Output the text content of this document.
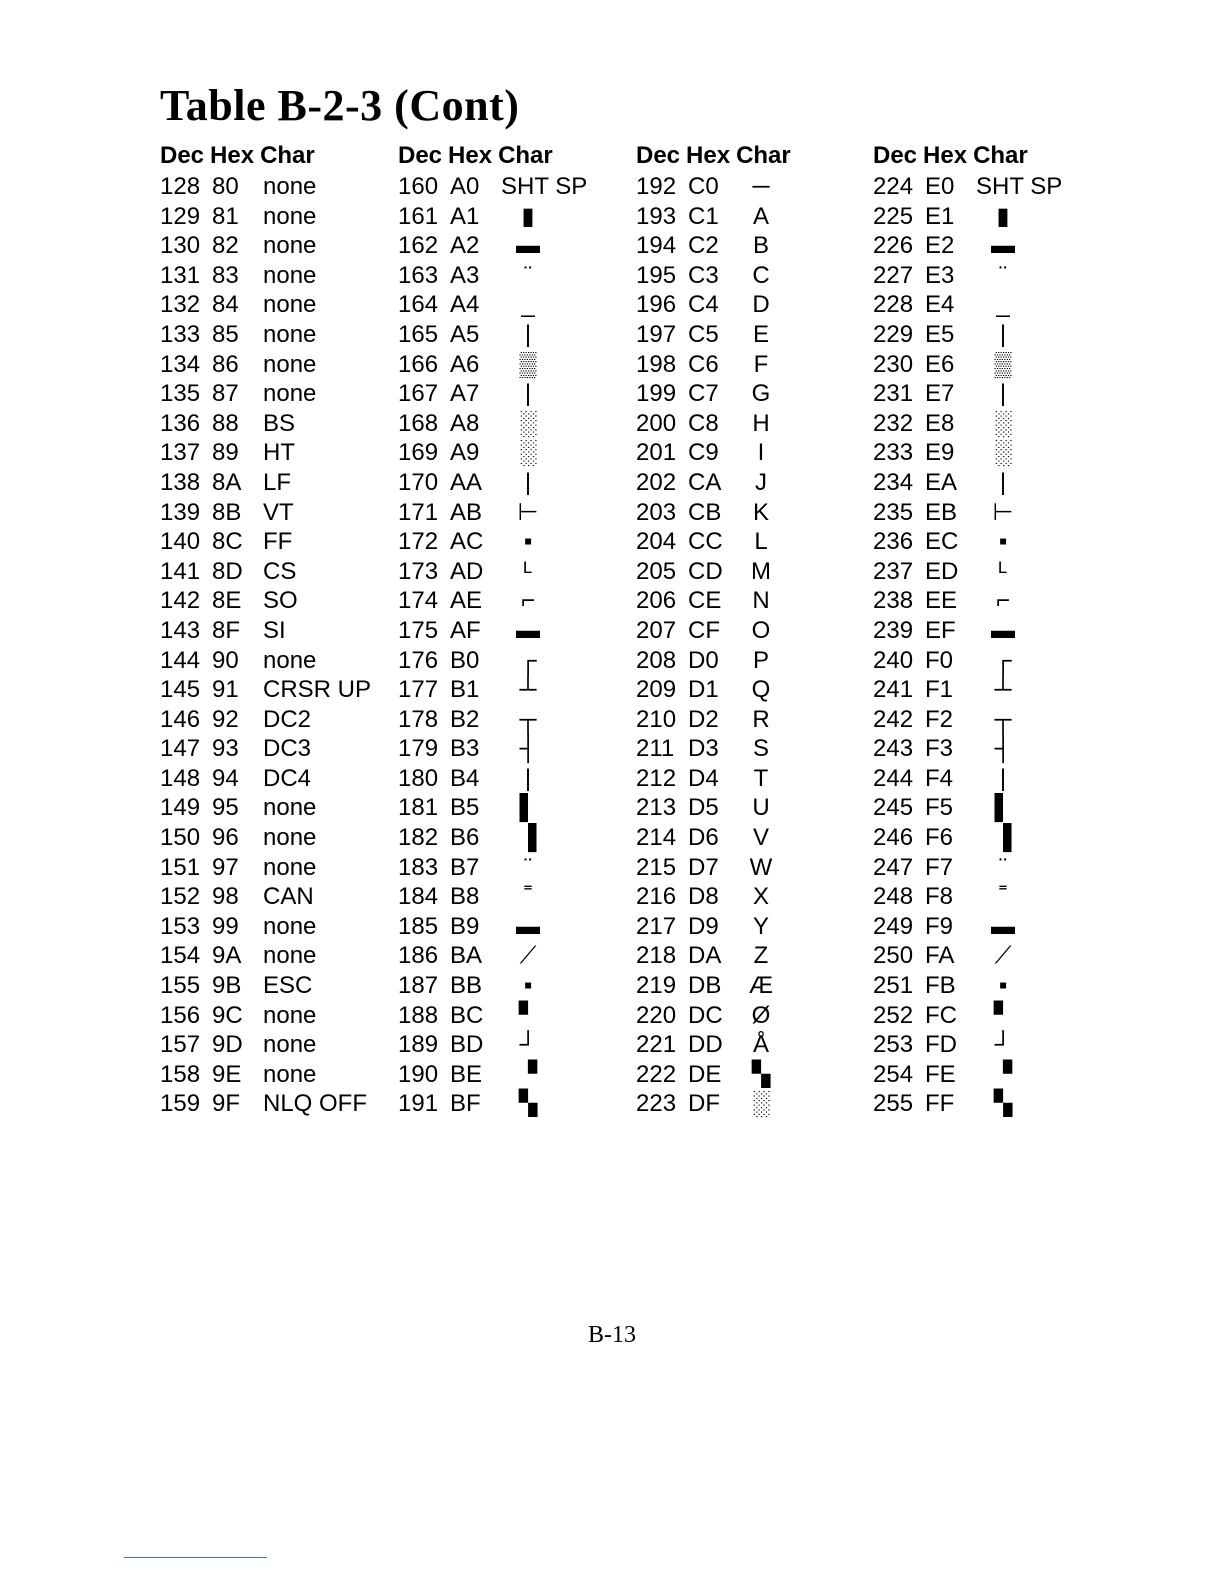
Table B-2-3 (Cont)
Dec Hex Char
128 80 none
129 81 none
130 82 none
131 83 none
132 84 none
133 85 none
134 86 none
135 87 none
136 88 BS
137 89 HT
138 8A LF
139 8B VT
140 8C FF
141 8D CS
142 8E SO
143 8F SI
144 90 none
145 91 CRSR UP
146 92 DC2
147 93 DC3
148 94 DC4
149 95 none
150 96 none
151 97 none
152 98 CAN
153 99 none
154 9A none
155 9B ESC
156 9C none
157 9D none
158 9E none
159 9F NLQ OFF
Dec Hex Char
160 A0 SHT SP
161 A1	▮
162 A2 ▬
163 A3	¨
164 A4	_
165 A5	|
166 A6 ▒
167 A7	|
168 A8 ░
169 A9 ░
170 AA	|
171 AB ⊢
172 AC	▪
173 AD	ᴸ
174 AE	⌐
175 AF ▬
176 B0 ┌
177 B1 ┴
178 B2 ┬
179 B3 ┤
180 B4	|
181 B5 ▌
182 B6 ▐
183 B7	¨
184 B8	˭
185 B9 ▬
186 BA ⟋
187 BB	▪
188 BC ▘
189 BD ┘
190 BE ▝
191 BF ▚
Dec Hex Char
192 C0 ─
193 C1 A
194 C2 B
195 C3 C
196 C4 D
197 C5 E
198 C6	F
199 C7 G
200 C8 H
201 C9	I
202 CA	J
203 CB K
204 CC	L
205 CD M
206 CE N
207 CF O
208 D0 P
209 D1 Q
210 D2 R
211 D3 S
212 D4	T
213 D5 U
214 D6 V
215 D7 W
216 D8 X
217 D9 Y
218 DA	Z
219 DB Æ
220 DC Ø
221 DD Å
222 DE ▚
223 DF ░
Dec Hex Char
224 E0 SHT SP
225 E1	▮
226 E2 ▬
227 E3	¨
228 E4	_
229 E5	|
230 E6 ▒
231 E7	|
232 E8 ░
233 E9 ░
234 EA	|
235 EB ⊢
236 EC	▪
237 ED	ᴸ
238 EE	⌐
239 EF ▬
240 F0 ┌
241 F1 ┴
242 F2 ┬
243 F3 ┤
244 F4	|
245 F5 ▌
246 F6 ▐
247 F7	¨
248 F8	˭
249 F9 ▬
250 FA ⟋
251 FB	▪
252 FC ▘
253 FD ┘
254 FE ▝
255 FF ▚
B-13
